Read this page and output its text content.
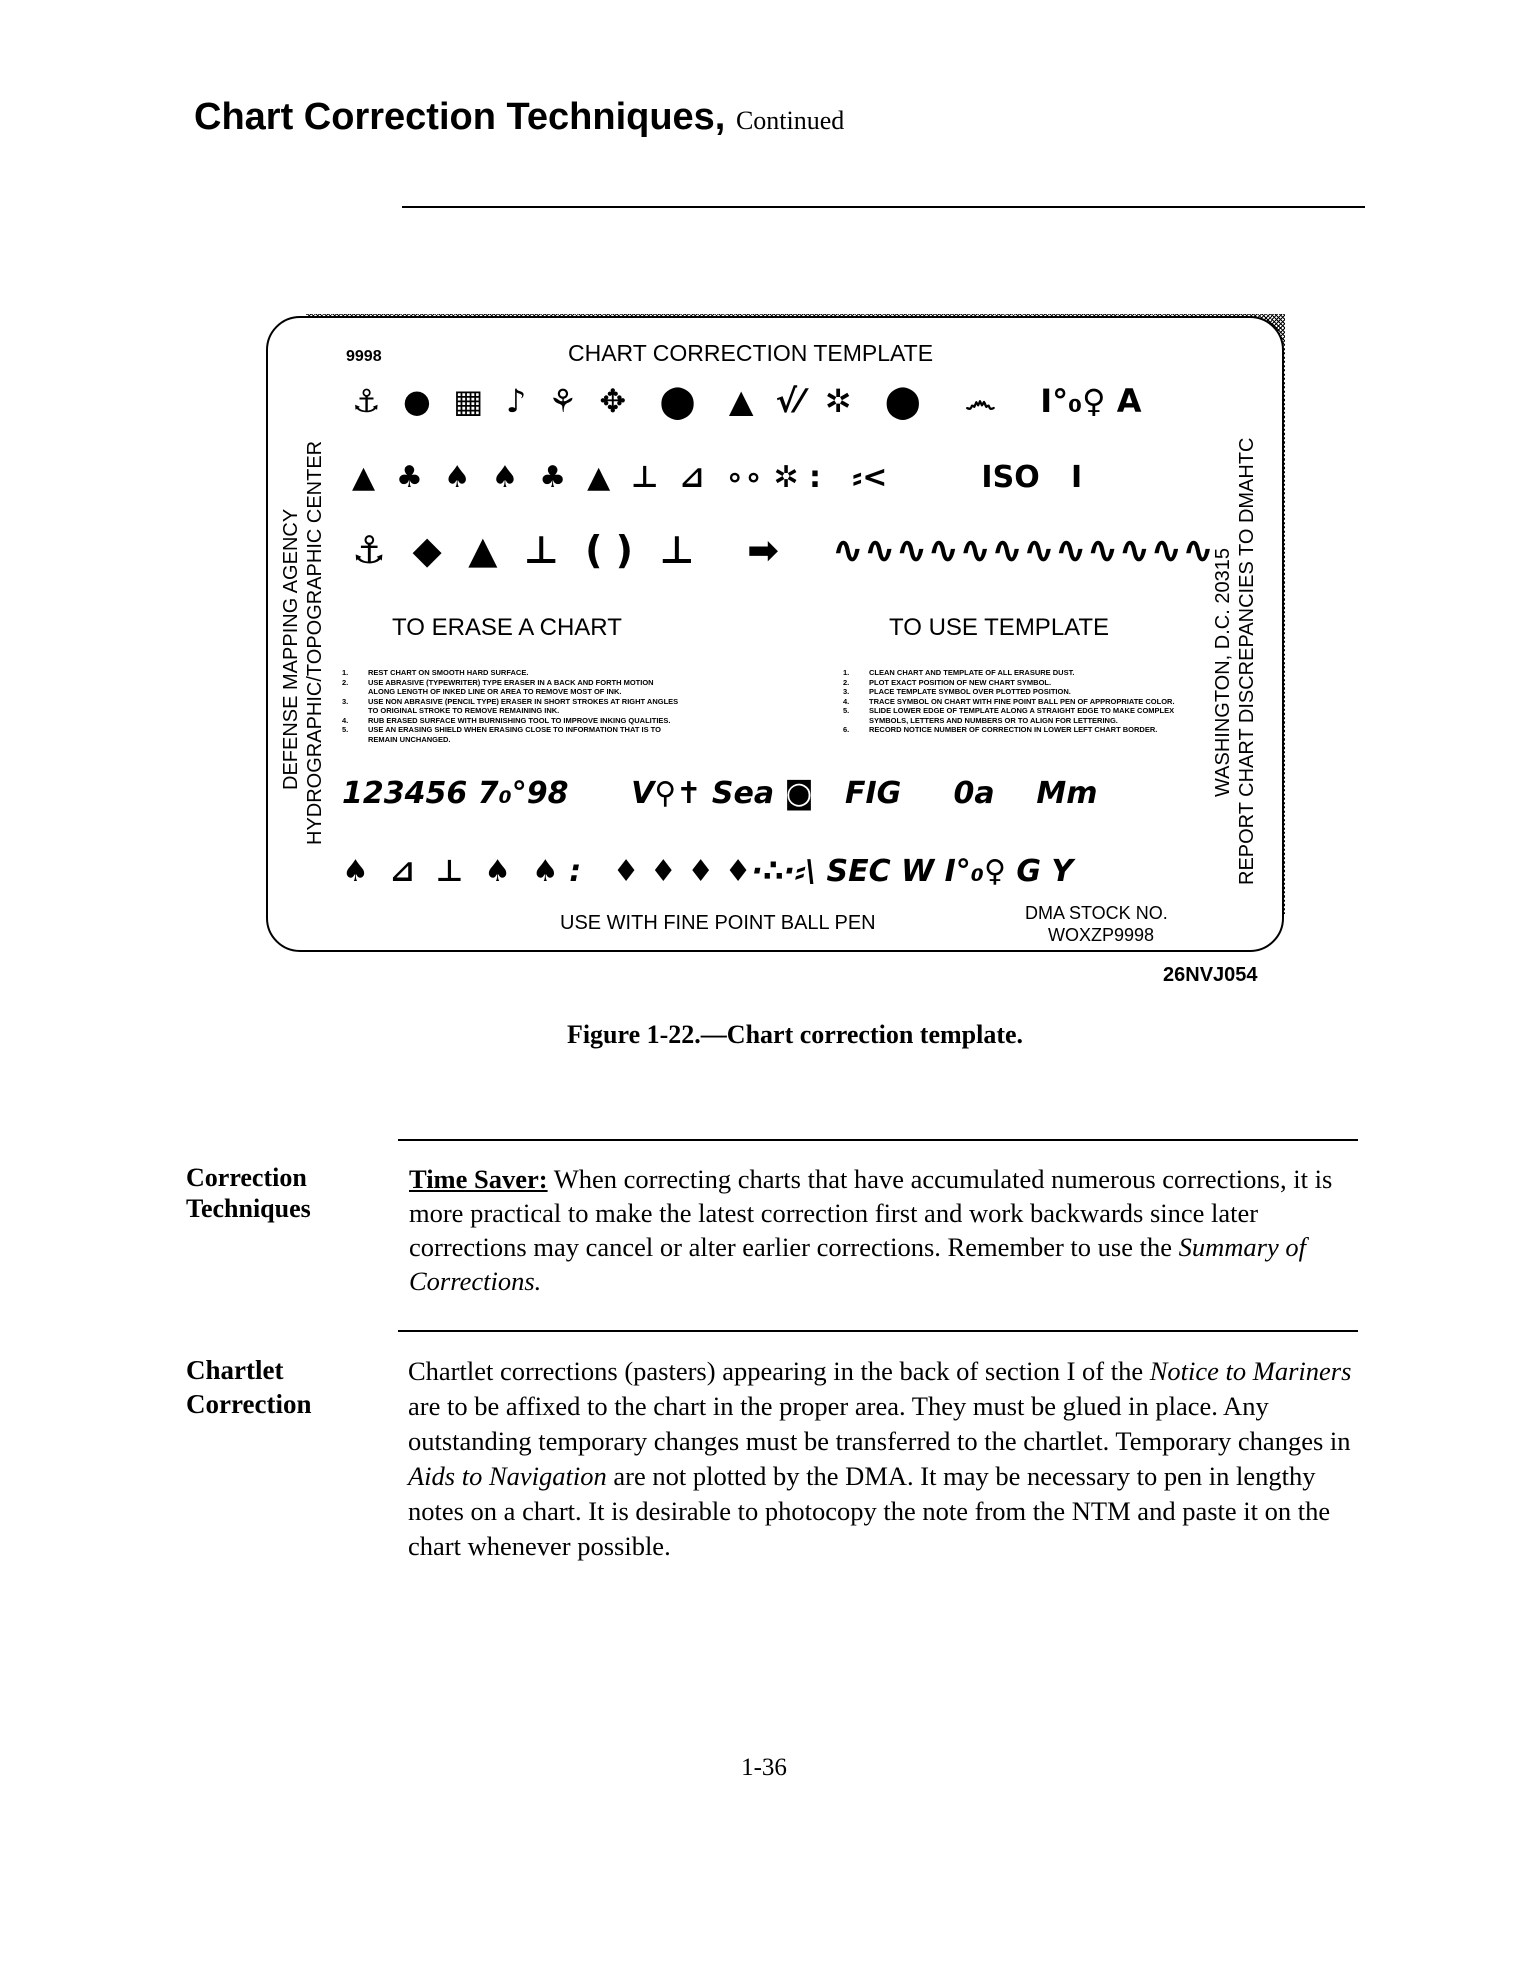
Chart Correction Techniques, Continued
9998	CHART CORRECTION TEMPLATE
⚓  ●  ▦  ♪  ⚘  ✥   ⬤   ▲  √⁄  ✲   ⬤    ෴    I°₀♀ A
▲  ♣  ♠  ♠  ♣  ▲  ⊥  ⊿  ∘∘ ✲ :   ⸗<         ISO   I
⚓  ◆  ▲  ⊥  ( )  ⊥    ➡    ∿∿∿∿∿∿∿∿∿∿∿∿
TO ERASE A CHART	TO USE TEMPLATE
1.	REST CHART ON SMOOTH HARD SURFACE.
2.	USE ABRASIVE (TYPEWRITER) TYPE ERASER IN A BACK AND FORTH MOTION ALONG LENGTH OF INKED LINE OR AREA TO REMOVE MOST OF INK.
3.	USE NON ABRASIVE (PENCIL TYPE) ERASER IN SHORT STROKES AT RIGHT ANGLES TO ORIGINAL STROKE TO REMOVE REMAINING INK.
4.	RUB ERASED SURFACE WITH BURNISHING TOOL TO IMPROVE INKING QUALITIES.
5.	USE AN ERASING SHIELD WHEN ERASING CLOSE TO INFORMATION THAT IS TO REMAIN UNCHANGED.
1.	CLEAN CHART AND TEMPLATE OF ALL ERASURE DUST.
2.	PLOT EXACT POSITION OF NEW CHART SYMBOL.
3.	PLACE TEMPLATE SYMBOL OVER PLOTTED POSITION.
4.	TRACE SYMBOL ON CHART WITH FINE POINT BALL PEN OF APPROPRIATE COLOR.
5.	SLIDE LOWER EDGE OF TEMPLATE ALONG A STRAIGHT EDGE TO MAKE COMPLEX SYMBOLS, LETTERS AND NUMBERS OR TO ALIGN FOR LETTERING.
6.	RECORD NOTICE NUMBER OF CORRECTION IN LOWER LEFT CHART BORDER.
123456 7₀°98      V⚲✝ Sea ◙   FIG     0a    Mm
♠  ⊿  ⊥  ♠  ♠ :   ♦ ♦ ♦ ♦·∴·⸗\ SEC W I°₀♀ G Y
USE WITH FINE POINT BALL PEN	DMA STOCK NO.
WOXZP9998
DEFENSE MAPPING AGENCY HYDROGRAPHIC/TOPOGRAPHIC CENTER	WASHINGTON, D.C. 20315 REPORT CHART DISCREPANCIES TO DMAHTC
26NVJ054
Figure 1-22.—Chart correction template.
Correction Techniques
Time Saver: When correcting charts that have accumulated numerous corrections, it is more practical to make the latest correction first and work backwards since later corrections may cancel or alter earlier corrections. Remember to use the Summary of Corrections.
Chartlet Correction
Chartlet corrections (pasters) appearing in the back of section I of the Notice to Mariners are to be affixed to the chart in the proper area. They must be glued in place. Any outstanding temporary changes must be transferred to the chartlet. Temporary changes in Aids to Navigation are not plotted by the DMA. It may be necessary to pen in lengthy notes on a chart. It is desirable to photocopy the note from the NTM and paste it on the chart whenever possible.
1-36
